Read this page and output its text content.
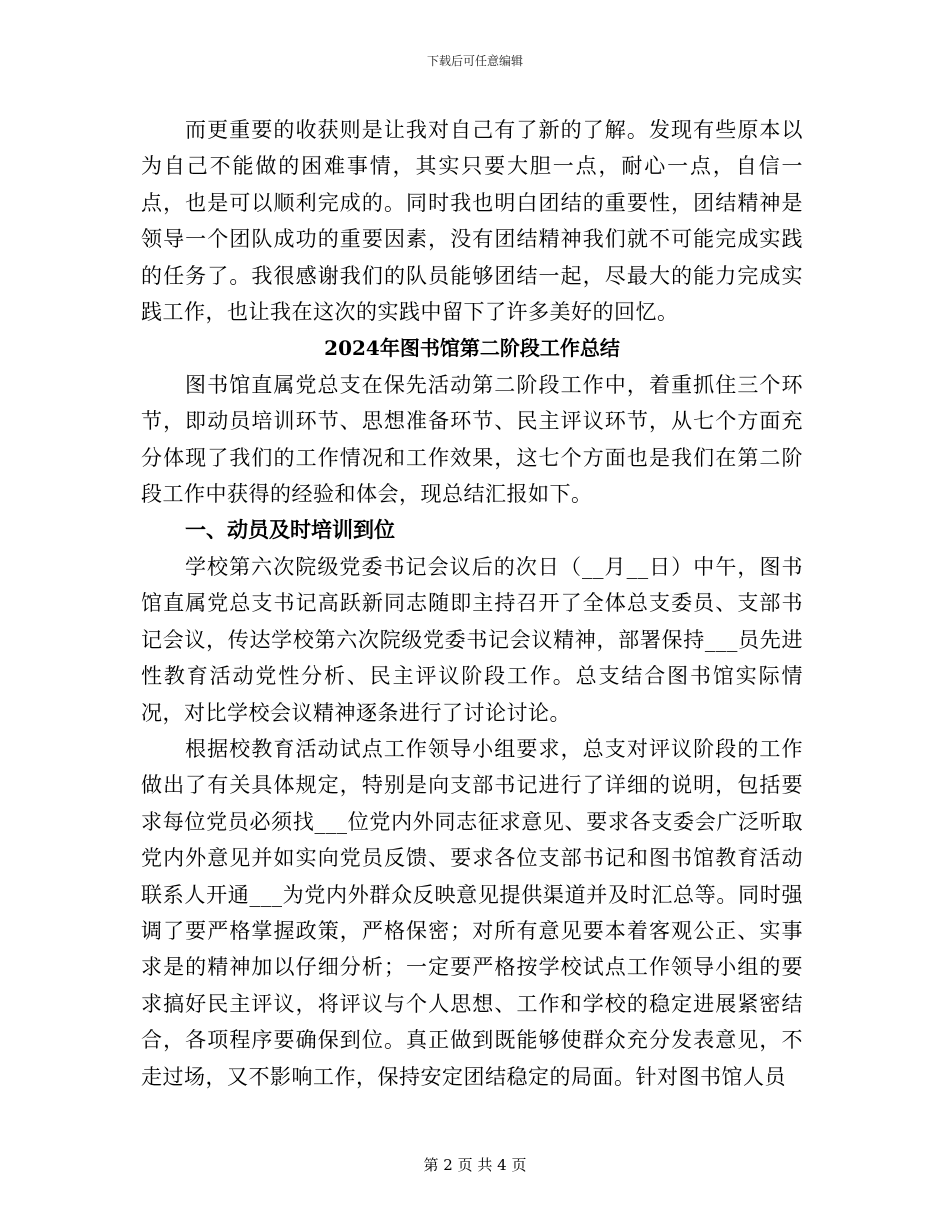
下载后可任意编辑

而更重要的收获则是让我对自己有了新的了解。发现有些原本以为自己不能做的困难事情，其实只要大胆一点，耐心一点，自信一点，也是可以顺利完成的。同时我也明白团结的重要性，团结精神是领导一个团队成功的重要因素，没有团结精神我们就不可能完成实践的任务了。我很感谢我们的队员能够团结一起，尽最大的能力完成实践工作，也让我在这次的实践中留下了许多美好的回忆。

2024年图书馆第二阶段工作总结

图书馆直属党总支在保先活动第二阶段工作中，着重抓住三个环节，即动员培训环节、思想准备环节、民主评议环节，从七个方面充分体现了我们的工作情况和工作效果，这七个方面也是我们在第二阶段工作中获得的经验和体会，现总结汇报如下。

一、动员及时培训到位

学校第六次院级党委书记会议后的次日（__月__日）中午，图书馆直属党总支书记高跃新同志随即主持召开了全体总支委员、支部书记会议，传达学校第六次院级党委书记会议精神，部署保持___员先进性教育活动党性分析、民主评议阶段工作。总支结合图书馆实际情况，对比学校会议精神逐条进行了讨论讨论。

根据校教育活动试点工作领导小组要求，总支对评议阶段的工作做出了有关具体规定，特别是向支部书记进行了详细的说明，包括要求每位党员必须找___位党内外同志征求意见、要求各支委会广泛听取党内外意见并如实向党员反馈、要求各位支部书记和图书馆教育活动联系人开通___为党内外群众反映意见提供渠道并及时汇总等。同时强调了要严格掌握政策，严格保密；对所有意见要本着客观公正、实事求是的精神加以仔细分析；一定要严格按学校试点工作领导小组的要求搞好民主评议，将评议与个人思想、工作和学校的稳定进展紧密结合，各项程序要确保到位。真正做到既能够使群众充分发表意见，不走过场，又不影响工作，保持安定团结稳定的局面。针对图书馆人员

第 2 页 共 4 页
